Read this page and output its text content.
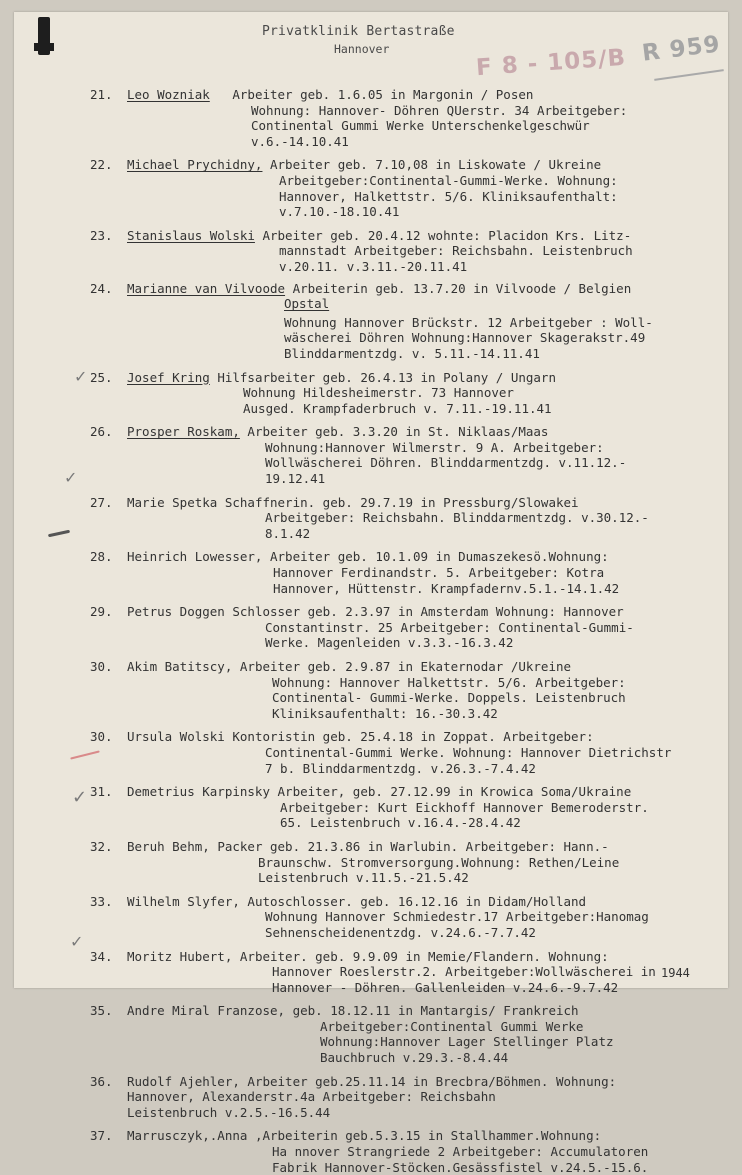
Privatklinik Bertastraße
Hannover	F 8 - 105/B R 959
✓
✓
✓
✓
21.	Leo Wozniak Arbeiter geb. 1.6.05 in Margonin / Posen
Wohnung: Hannover- Döhren QUerstr. 34 Arbeitgeber:
Continental Gummi Werke Unterschenkelgeschwür
v.6.-14.10.41
22.	Michael Prychidny, Arbeiter geb. 7.10,08 in Liskowate / Ukreine
Arbeitgeber:Continental-Gummi-Werke. Wohnung:
Hannover, Halkettstr. 5/6. Kliniksaufenthalt:
v.7.10.-18.10.41
23.	Stanislaus Wolski Arbeiter geb. 20.4.12 wohnte: Placidon Krs. Litz-
mannstadt Arbeitgeber: Reichsbahn. Leistenbruch
v.20.11. v.3.11.-20.11.41
24.	Marianne van Vilvoode Arbeiterin geb. 13.7.20 in Vilvoode / Belgien
Opstal
Wohnung Hannover Brückstr. 12 Arbeitgeber : Woll-
wäscherei Döhren Wohnung:Hannover Skagerakstr.49
Blinddarmentzdg. v. 5.11.-14.11.41
25.	Josef Kring Hilfsarbeiter geb. 26.4.13 in Polany / Ungarn
Wohnung Hildesheimerstr. 73 Hannover
Ausged. Krampfaderbruch v. 7.11.-19.11.41
26.	Prosper Roskam, Arbeiter geb. 3.3.20 in St. Niklaas/Maas
Wohnung:Hannover Wilmerstr. 9 A. Arbeitgeber:
Wollwäscherei Döhren. Blinddarmentzdg. v.11.12.-
19.12.41
27.	Marie Spetka Schaffnerin. geb. 29.7.19 in Pressburg/Slowakei
Arbeitgeber: Reichsbahn. Blinddarmentzdg. v.30.12.-
8.1.42
28.	Heinrich Lowesser, Arbeiter geb. 10.1.09 in Dumaszekesö.Wohnung:
Hannover Ferdinandstr. 5. Arbeitgeber: Kotra
Hannover, Hüttenstr. Krampfadernv.5.1.-14.1.42
29.	Petrus Doggen Schlosser geb. 2.3.97 in Amsterdam Wohnung: Hannover
Constantinstr. 25 Arbeitgeber: Continental-Gummi-
Werke. Magenleiden v.3.3.-16.3.42
30.	Akim Batitscy, Arbeiter geb. 2.9.87 in Ekaternodar /Ukreine
Wohnung: Hannover Halkettstr. 5/6. Arbeitgeber:
Continental- Gummi-Werke. Doppels. Leistenbruch
Kliniksaufenthalt: 16.-30.3.42
30.	Ursula Wolski Kontoristin geb. 25.4.18 in Zoppat. Arbeitgeber:
Continental-Gummi Werke. Wohnung: Hannover Dietrichstr
7 b. Blinddarmentzdg. v.26.3.-7.4.42
31.	Demetrius Karpinsky Arbeiter, geb. 27.12.99 in Krowica Soma/Ukraine
Arbeitgeber: Kurt Eickhoff Hannover Bemeroderstr.
65. Leistenbruch v.16.4.-28.4.42
32.	Beruh Behm, Packer geb. 21.3.86 in Warlubin. Arbeitgeber: Hann.-
Braunschw. Stromversorgung.Wohnung: Rethen/Leine
Leistenbruch v.11.5.-21.5.42
33.	Wilhelm Slyfer, Autoschlosser. geb. 16.12.16 in Didam/Holland
Wohnung Hannover Schmiedestr.17 Arbeitgeber:Hanomag
Sehnenscheidenentzdg. v.24.6.-7.7.42
34.	Moritz Hubert, Arbeiter. geb. 9.9.09 in Memie/Flandern. Wohnung:
Hannover Roeslerstr.2. Arbeitgeber:Wollwäscherei in
Hannover - Döhren. Gallenleiden v.24.6.-9.7.42
35.	Andre Miral Franzose, geb. 18.12.11 in Mantargis/ Frankreich
Arbeitgeber:Continental Gummi Werke
Wohnung:Hannover Lager Stellinger Platz
Bauchbruch v.29.3.-8.4.44
36.	Rudolf Ajehler, Arbeiter geb.25.11.14 in Brecbra/Böhmen. Wohnung:
Hannover, Alexanderstr.4a Arbeitgeber: Reichsbahn
Leistenbruch v.2.5.-16.5.44
37.	Marrusczyk,.Anna ,Arbeiterin geb.5.3.15 in Stallhammer.Wohnung:
Ha nnover Strangriede 2 Arbeitgeber: Accumulatoren
Fabrik Hannover-Stöcken.Gesässfistel v.24.5.-15.6.
1944
